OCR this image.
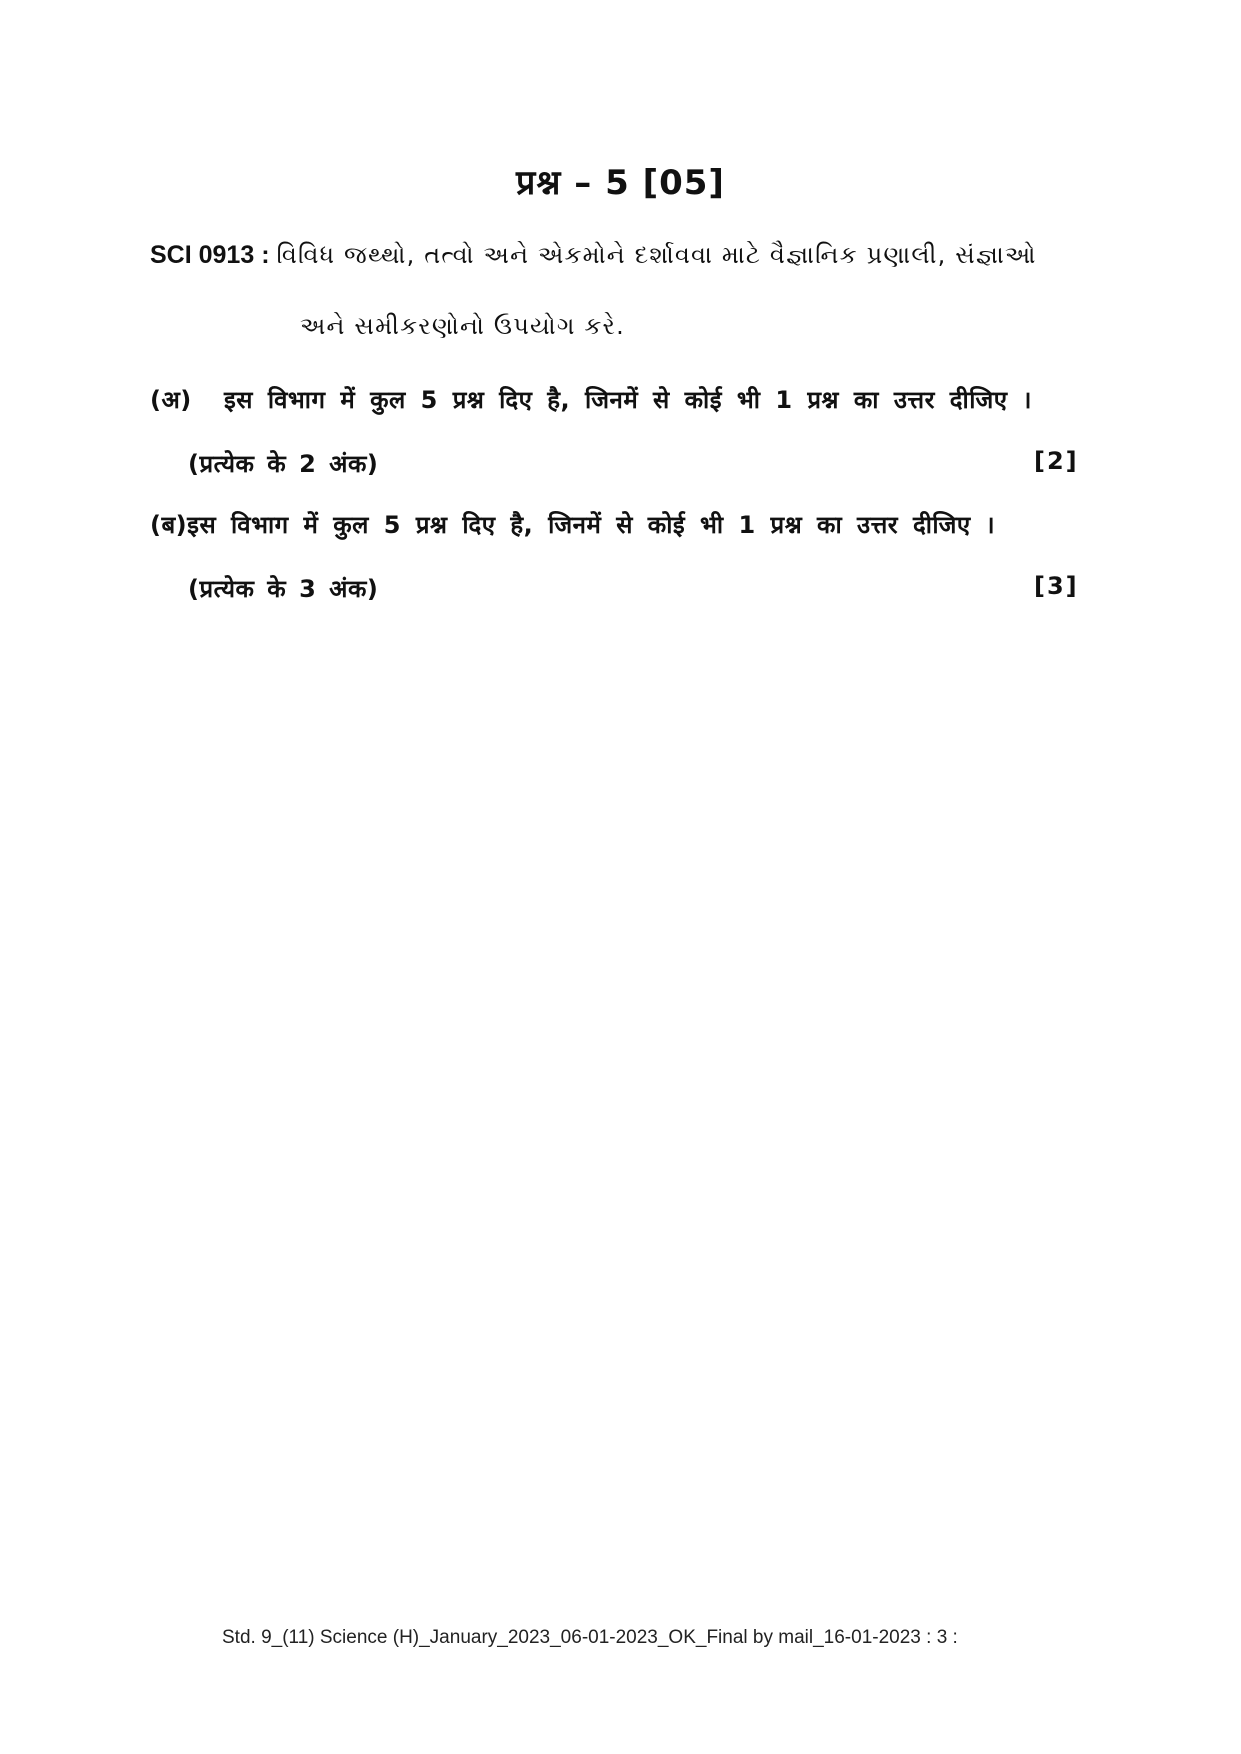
प्रश्न – 5 [05]
SCI 0913 : વિવિધ જથ્થો, તત્વો અને એકમોને દર્શાવવા માટે વૈજ્ઞાનિક પ્રણાલી, સંજ્ઞાઓ
અને સમીકરણોનો ઉપયોગ કરે.
(अ) इस विभाग में कुल 5 प्रश्न दिए है, जिनमें से कोई भी 1 प्रश्न का उत्तर दीजिए ।
(प्रत्येक के 2 अंक)	[2]
(ब)इस विभाग में कुल 5 प्रश्न दिए है, जिनमें से कोई भी 1 प्रश्न का उत्तर दीजिए ।
(प्रत्येक के 3 अंक)	[3]
Std. 9_(11) Science (H)_January_2023_06-01-2023_OK_Final by mail_16-01-2023 : 3 :
